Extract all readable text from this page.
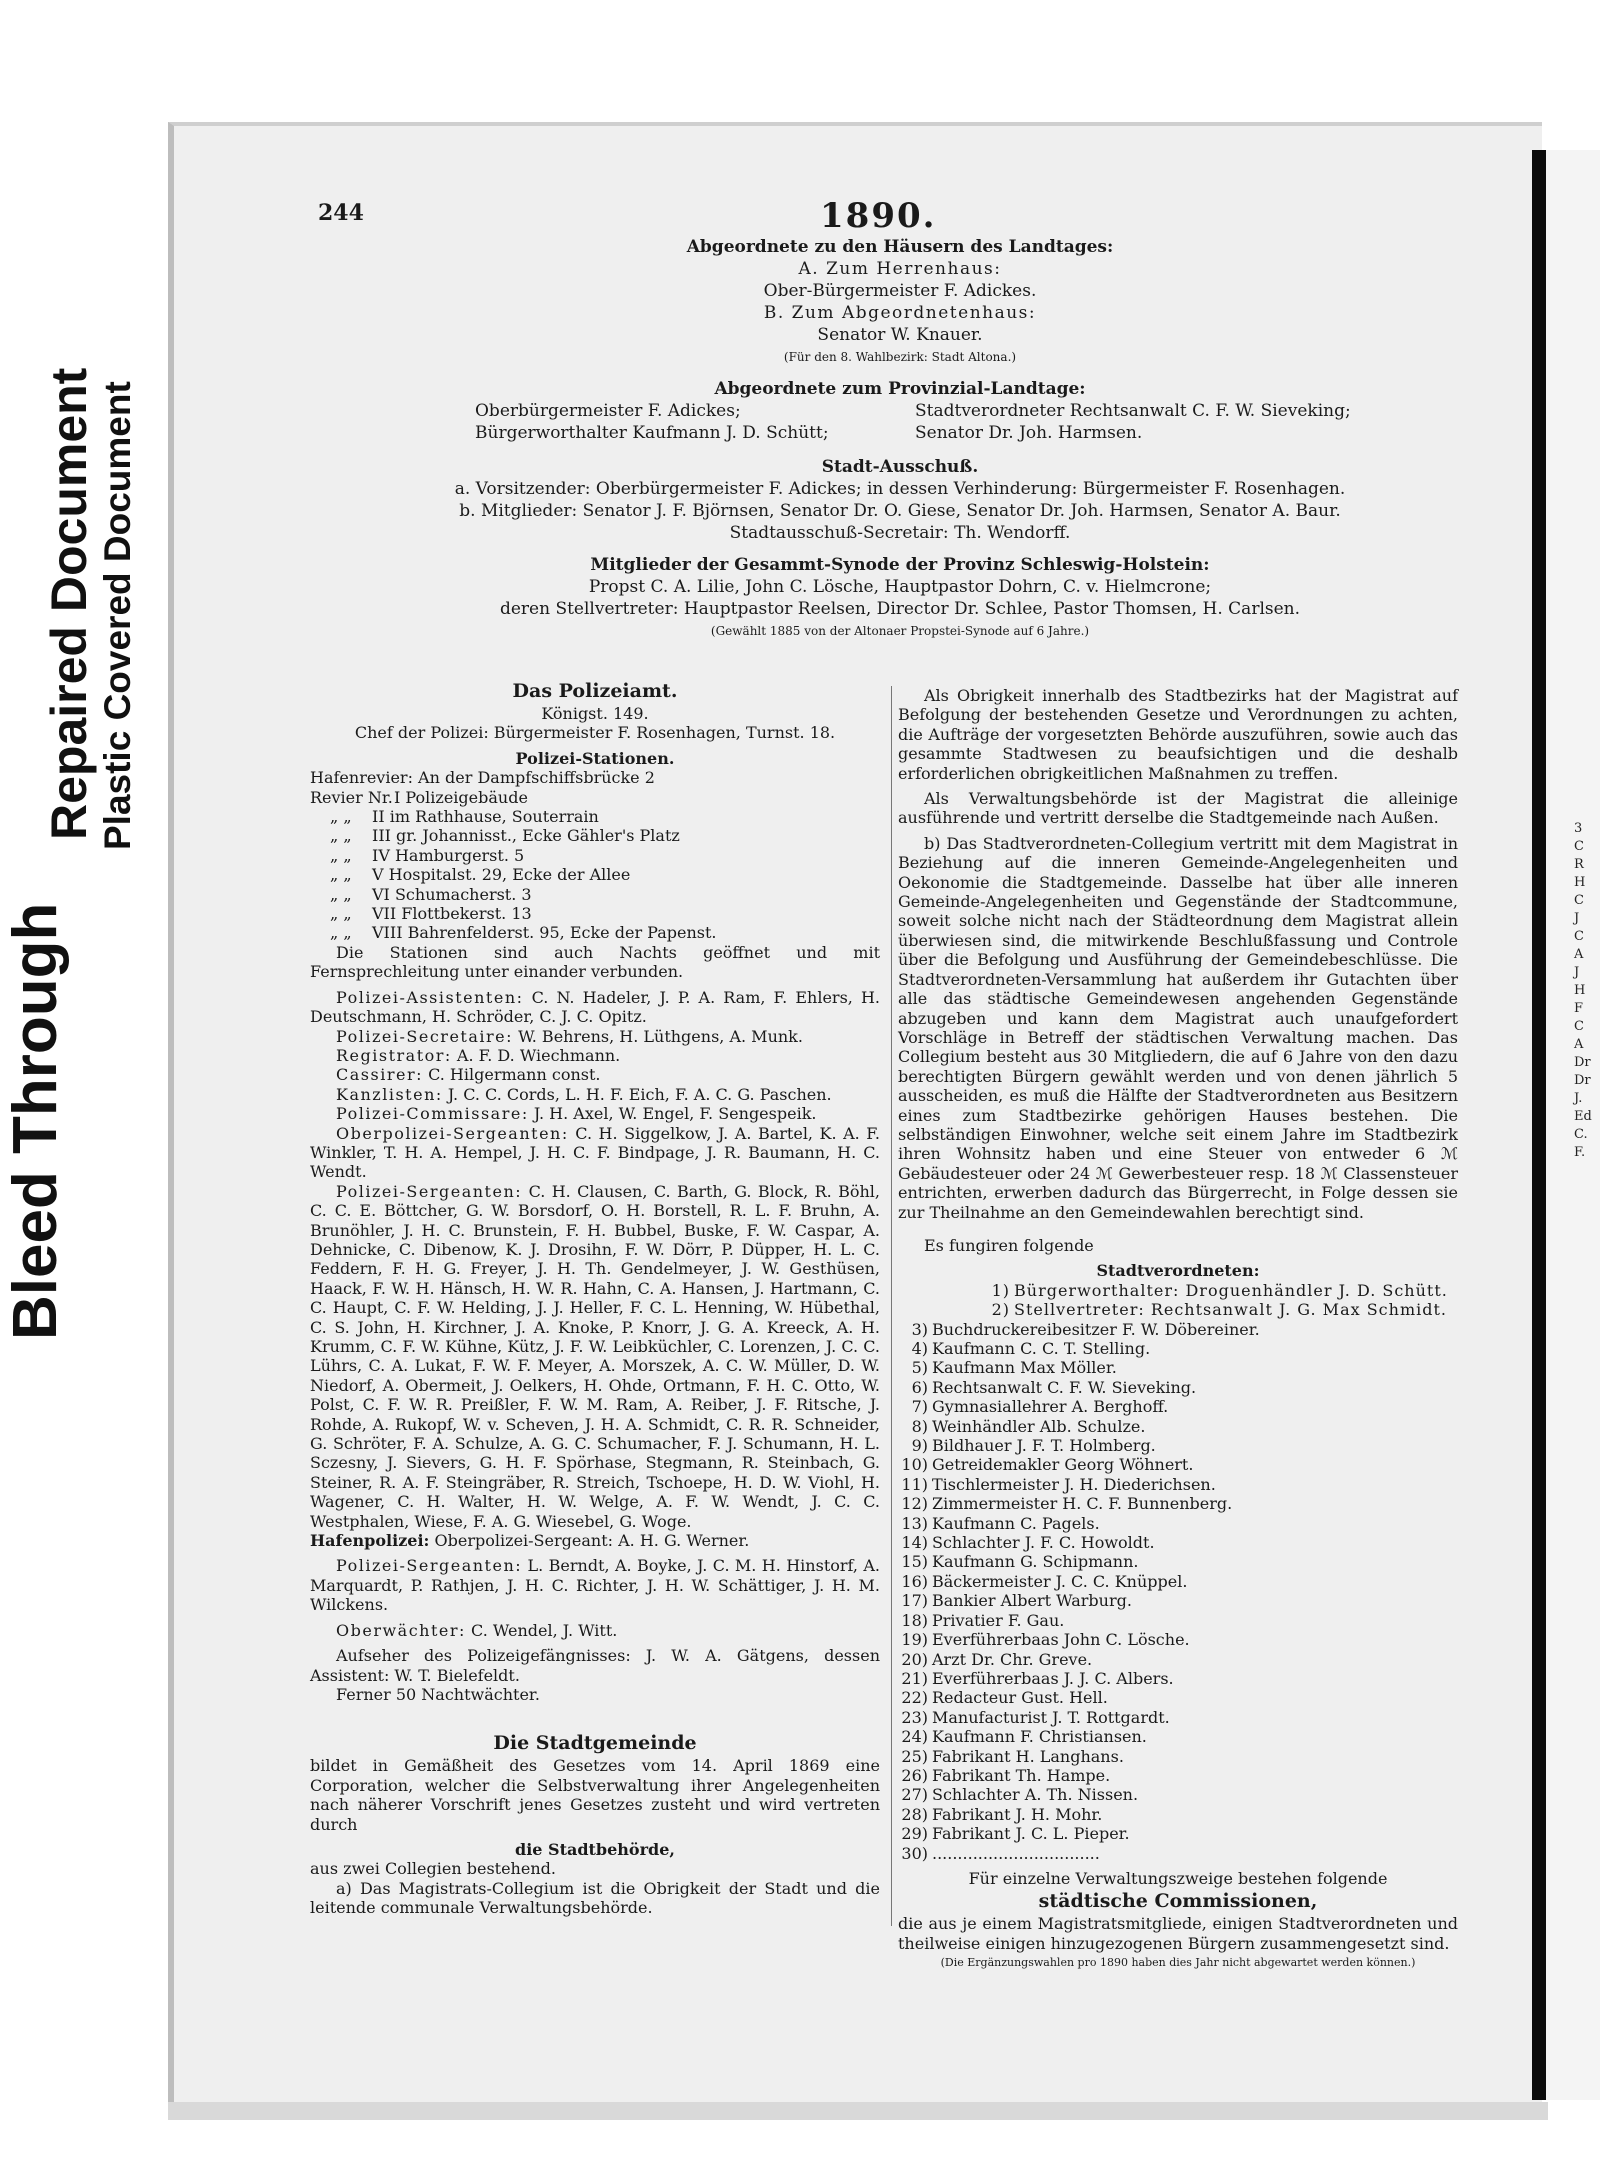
Bleed Through
Repaired Document Plastic Covered Document	3
C
R
H
C
J
C
A
J
H
F
C
A
Dr
Dr
J.
Ed
C.
F.
244	1890.
Abgeordnete zu den Häusern des Landtages:
A. Zum Herrenhaus:
Ober-Bürgermeister F. Adickes.
B. Zum Abgeordnetenhaus:
Senator W. Knauer.
(Für den 8. Wahlbezirk: Stadt Altona.)
Abgeordnete zum Provinzial-Landtage:
Oberbürgermeister F. Adickes;
Bürgerworthalter Kaufmann J. D. Schütt;
Stadtverordneter Rechtsanwalt C. F. W. Sieveking;
Senator Dr. Joh. Harmsen.
Stadt-Ausschuß.
a. Vorsitzender: Oberbürgermeister F. Adickes; in dessen Verhinderung: Bürgermeister F. Rosenhagen.
b. Mitglieder: Senator J. F. Björnsen, Senator Dr. O. Giese, Senator Dr. Joh. Harmsen, Senator A. Baur.
Stadtausschuß-Secretair: Th. Wendorff.
Mitglieder der Gesammt-Synode der Provinz Schleswig-Holstein:
Propst C. A. Lilie, John C. Lösche, Hauptpastor Dohrn, C. v. Hielmcrone;
deren Stellvertreter: Hauptpastor Reelsen, Director Dr. Schlee, Pastor Thomsen, H. Carlsen.
(Gewählt 1885 von der Altonaer Propstei-Synode auf 6 Jahre.)
Das Polizeiamt.
Königst. 149.
Chef der Polizei: Bürgermeister F. Rosenhagen, Turnst. 18.
Polizei-Stationen.
Hafenrevier: An der Dampfschiffsbrücke 2
Revier Nr.I Polizeigebäude
„ „ II im Rathhause, Souterrain
„ „ III gr. Johannisst., Ecke Gähler's Platz
„ „ IV Hamburgerst. 5
„ „ V Hospitalst. 29, Ecke der Allee
„ „ VI Schumacherst. 3
„ „ VII Flottbekerst. 13
„ „ VIII Bahrenfelderst. 95, Ecke der Papenst.

Die Stationen sind auch Nachts geöffnet und mit Fernsprechleitung unter einander verbunden.

Polizei-Assistenten: C. N. Hadeler, J. P. A. Ram, F. Ehlers, H. Deutschmann, H. Schröder, C. J. C. Opitz.

Polizei-Secretaire: W. Behrens, H. Lüthgens, A. Munk.

Registrator: A. F. D. Wiechmann.

Cassirer: C. Hilgermann const.

Kanzlisten: J. C. C. Cords, L. H. F. Eich, F. A. C. G. Paschen.

Polizei-Commissare: J. H. Axel, W. Engel, F. Sengespeik.

Oberpolizei-Sergeanten: C. H. Siggelkow, J. A. Bartel, K. A. F. Winkler, T. H. A. Hempel, J. H. C. F. Bindpage, J. R. Baumann, H. C. Wendt.

Polizei-Sergeanten: C. H. Clausen, C. Barth, G. Block, R. Böhl, C. C. E. Böttcher, G. W. Borsdorf, O. H. Borstell, R. L. F. Bruhn, A. Brunöhler, J. H. C. Brunstein, F. H. Bubbel, Buske, F. W. Caspar, A. Dehnicke, C. Dibenow, K. J. Drosihn, F. W. Dörr, P. Düpper, H. L. C. Feddern, F. H. G. Freyer, J. H. Th. Gendelmeyer, J. W. Gesthüsen, Haack, F. W. H. Hänsch, H. W. R. Hahn, C. A. Hansen, J. Hartmann, C. C. Haupt, C. F. W. Helding, J. J. Heller, F. C. L. Henning, W. Hübethal, C. S. John, H. Kirchner, J. A. Knoke, P. Knorr, J. G. A. Kreeck, A. H. Krumm, C. F. W. Kühne, Kütz, J. F. W. Leibküchler, C. Lorenzen, J. C. C. Lührs, C. A. Lukat, F. W. F. Meyer, A. Morszek, A. C. W. Müller, D. W. Niedorf, A. Obermeit, J. Oelkers, H. Ohde, Ortmann, F. H. C. Otto, W. Polst, C. F. W. R. Preißler, F. W. M. Ram, A. Reiber, J. F. Ritsche, J. Rohde, A. Rukopf, W. v. Scheven, J. H. A. Schmidt, C. R. R. Schneider, G. Schröter, F. A. Schulze, A. G. C. Schumacher, F. J. Schumann, H. L. Sczesny, J. Sievers, G. H. F. Spörhase, Stegmann, R. Steinbach, G. Steiner, R. A. F. Steingräber, R. Streich, Tschoepe, H. D. W. Viohl, H. Wagener, C. H. Walter, H. W. Welge, A. F. W. Wendt, J. C. C. Westphalen, Wiese, F. A. G. Wiesebel, G. Woge.

Hafenpolizei: Oberpolizei-Sergeant: A. H. G. Werner.

Polizei-Sergeanten: L. Berndt, A. Boyke, J. C. M. H. Hinstorf, A. Marquardt, P. Rathjen, J. H. C. Richter, J. H. W. Schättiger, J. H. M. Wilckens.

Oberwächter: C. Wendel, J. Witt.

Aufseher des Polizeigefängnisses: J. W. A. Gätgens, dessen Assistent: W. T. Bielefeldt.

Ferner 50 Nachtwächter.

Die Stadtgemeinde

bildet in Gemäßheit des Gesetzes vom 14. April 1869 eine Corporation, welcher die Selbstverwaltung ihrer Angelegenheiten nach näherer Vorschrift jenes Gesetzes zusteht und wird vertreten durch

die Stadtbehörde,

aus zwei Collegien bestehend.

a) Das Magistrats-Collegium ist die Obrigkeit der Stadt und die leitende communale Verwaltungsbehörde.

Als Obrigkeit innerhalb des Stadtbezirks hat der Magistrat auf Befolgung der bestehenden Gesetze und Verordnungen zu achten, die Aufträge der vorgesetzten Behörde auszuführen, sowie auch das gesammte Stadtwesen zu beaufsichtigen und die deshalb erforderlichen obrigkeitlichen Maßnahmen zu treffen.

Als Verwaltungsbehörde ist der Magistrat die alleinige ausführende und vertritt derselbe die Stadtgemeinde nach Außen.

b) Das Stadtverordneten-Collegium vertritt mit dem Magistrat in Beziehung auf die inneren Gemeinde-Angelegenheiten und Oekonomie die Stadtgemeinde. Dasselbe hat über alle inneren Gemeinde-Angelegenheiten und Gegenstände der Stadtcommune, soweit solche nicht nach der Städteordnung dem Magistrat allein überwiesen sind, die mitwirkende Beschlußfassung und Controle über die Befolgung und Ausführung der Gemeindebeschlüsse. Die Stadtverordneten-Versammlung hat außerdem ihr Gutachten über alle das städtische Gemeindewesen angehenden Gegenstände abzugeben und kann dem Magistrat auch unaufgefordert Vorschläge in Betreff der städtischen Verwaltung machen. Das Collegium besteht aus 30 Mitgliedern, die auf 6 Jahre von den dazu berechtigten Bürgern gewählt werden und von denen jährlich 5 ausscheiden, es muß die Hälfte der Stadtverordneten aus Besitzern eines zum Stadtbezirke gehörigen Hauses bestehen. Die selbständigen Einwohner, welche seit einem Jahre im Stadtbezirk ihren Wohnsitz haben und eine Steuer von entweder 6 ℳ Gebäudesteuer oder 24 ℳ Gewerbesteuer resp. 18 ℳ Classensteuer entrichten, erwerben dadurch das Bürgerrecht, in Folge dessen sie zur Theilnahme an den Gemeindewahlen berechtigt sind.

Es fungiren folgende

Stadtverordneten:
1) Bürgerworthalter: Droguenhändler J. D. Schütt.
2) Stellvertreter: Rechtsanwalt J. G. Max Schmidt.
3) Buchdruckereibesitzer F. W. Döbereiner.
4) Kaufmann C. C. T. Stelling.
5) Kaufmann Max Möller.
6) Rechtsanwalt C. F. W. Sieveking.
7) Gymnasiallehrer A. Berghoff.
8) Weinhändler Alb. Schulze.
9) Bildhauer J. F. T. Holmberg.
10) Getreidemakler Georg Wöhnert.
11) Tischlermeister J. H. Diederichsen.
12) Zimmermeister H. C. F. Bunnenberg.
13) Kaufmann C. Pagels.
14) Schlachter J. F. C. Howoldt.
15) Kaufmann G. Schipmann.
16) Bäckermeister J. C. C. Knüppel.
17) Bankier Albert Warburg.
18) Privatier F. Gau.
19) Everführerbaas John C. Lösche.
20) Arzt Dr. Chr. Greve.
21) Everführerbaas J. J. C. Albers.
22) Redacteur Gust. Hell.
23) Manufacturist J. T. Rottgardt.
24) Kaufmann F. Christiansen.
25) Fabrikant H. Langhans.
26) Fabrikant Th. Hampe.
27) Schlachter A. Th. Nissen.
28) Fabrikant J. H. Mohr.
29) Fabrikant J. C. L. Pieper.
30) .................................
Für einzelne Verwaltungszweige bestehen folgende
städtische Commissionen,

die aus je einem Magistratsmitgliede, einigen Stadtverordneten und theilweise einigen hinzugezogenen Bürgern zusammengesetzt sind.

(Die Ergänzungswahlen pro 1890 haben dies Jahr nicht abgewartet werden können.)
